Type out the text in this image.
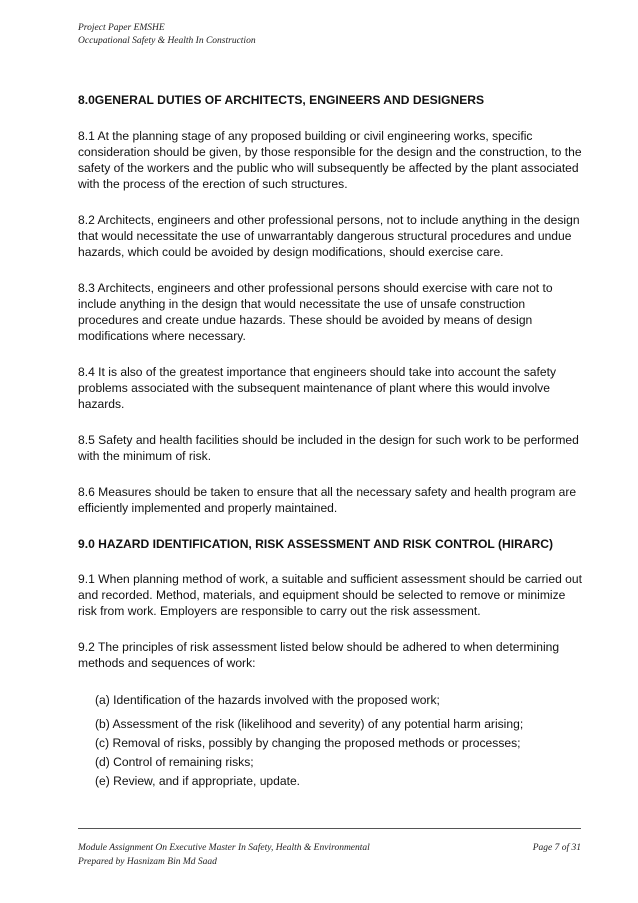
Project Paper EMSHE
Occupational Safety & Health In Construction

8.0GENERAL DUTIES OF ARCHITECTS, ENGINEERS AND DESIGNERS

8.1 At the planning stage of any proposed building or civil engineering works, specific consideration should be given, by those responsible for the design and the construction, to the safety of the workers and the public who will subsequently be affected by the plant associated with the process of the erection of such structures.

8.2 Architects, engineers and other professional persons, not to include anything in the design that would necessitate the use of unwarrantably dangerous structural procedures and undue hazards, which could be avoided by design modifications, should exercise care.

8.3 Architects, engineers and other professional persons should exercise with care not to include anything in the design that would necessitate the use of unsafe construction procedures and create undue hazards. These should be avoided by means of design modifications where necessary.

8.4 It is also of the greatest importance that engineers should take into account the safety problems associated with the subsequent maintenance of plant where this would involve hazards.

8.5 Safety and health facilities should be included in the design for such work to be performed with the minimum of risk.

8.6 Measures should be taken to ensure that all the necessary safety and health program are efficiently implemented and properly maintained.

9.0 HAZARD IDENTIFICATION, RISK ASSESSMENT AND RISK CONTROL (HIRARC)

9.1 When planning method of work, a suitable and sufficient assessment should be carried out and recorded. Method, materials, and equipment should be selected to remove or minimize risk from work. Employers are responsible to carry out the risk assessment.

9.2 The principles of risk assessment listed below should be adhered to when determining methods and sequences of work:

(a) Identification of the hazards involved with the proposed work;

(b) Assessment of the risk (likelihood and severity) of any potential harm arising;

(c) Removal of risks, possibly by changing the proposed methods or processes;

(d) Control of remaining risks;

(e) Review, and if appropriate, update.

Module Assignment On Executive Master In Safety, Health & Environmental
Prepared by Hasnizam Bin Md Saad
Page 7 of 31
